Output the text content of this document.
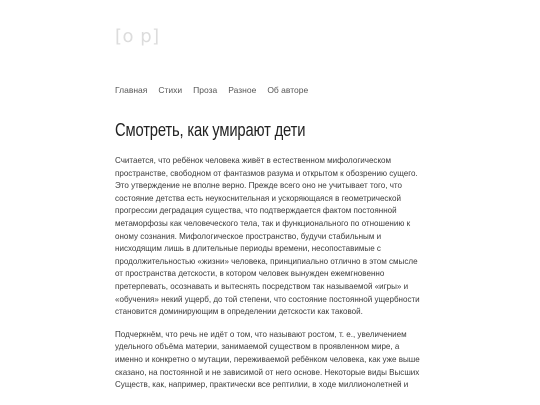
[o p]
Главная Стихи Проза Разное Об авторе
Смотреть, как умирают дети

Считается, что ребёнок человека живёт в естественном мифологическом пространстве, свободном от фантазмов разума и открытом к обозрению сущего. Это утверждение не вполне верно. Прежде всего оно не учитывает того, что состояние детства есть неукоснительная и ускоряющаяся в геометрической прогрессии деградация существа, что подтверждается фактом постоянной метаморфозы как человеческого тела, так и функционального по отношению к оному сознания. Мифологическое пространство, будучи стабильным и нисходящим лишь в длительные периоды времени, несопоставимые с продолжительностью «жизни» человека, принципиально отлично в этом смысле от пространства детскости, в котором человек вынужден ежемгновенно претерпевать, осознавать и вытеснять посредством так называемой «игры» и «обучения» некий ущерб, до той степени, что состояние постоянной ущербности становится доминирующим в определении детскости как таковой.

Подчеркнём, что речь не идёт о том, что называют ростом, т. е., увеличением удельного объёма материи, занимаемой существом в проявленном мире, а именно и конкретно о мутации, переживаемой ребёнком человека, как уже выше сказано, на постоянной и не зависимой от него основе. Некоторые виды Высших Существ, как, например, практически все рептилии, в ходе миллионолетней и
